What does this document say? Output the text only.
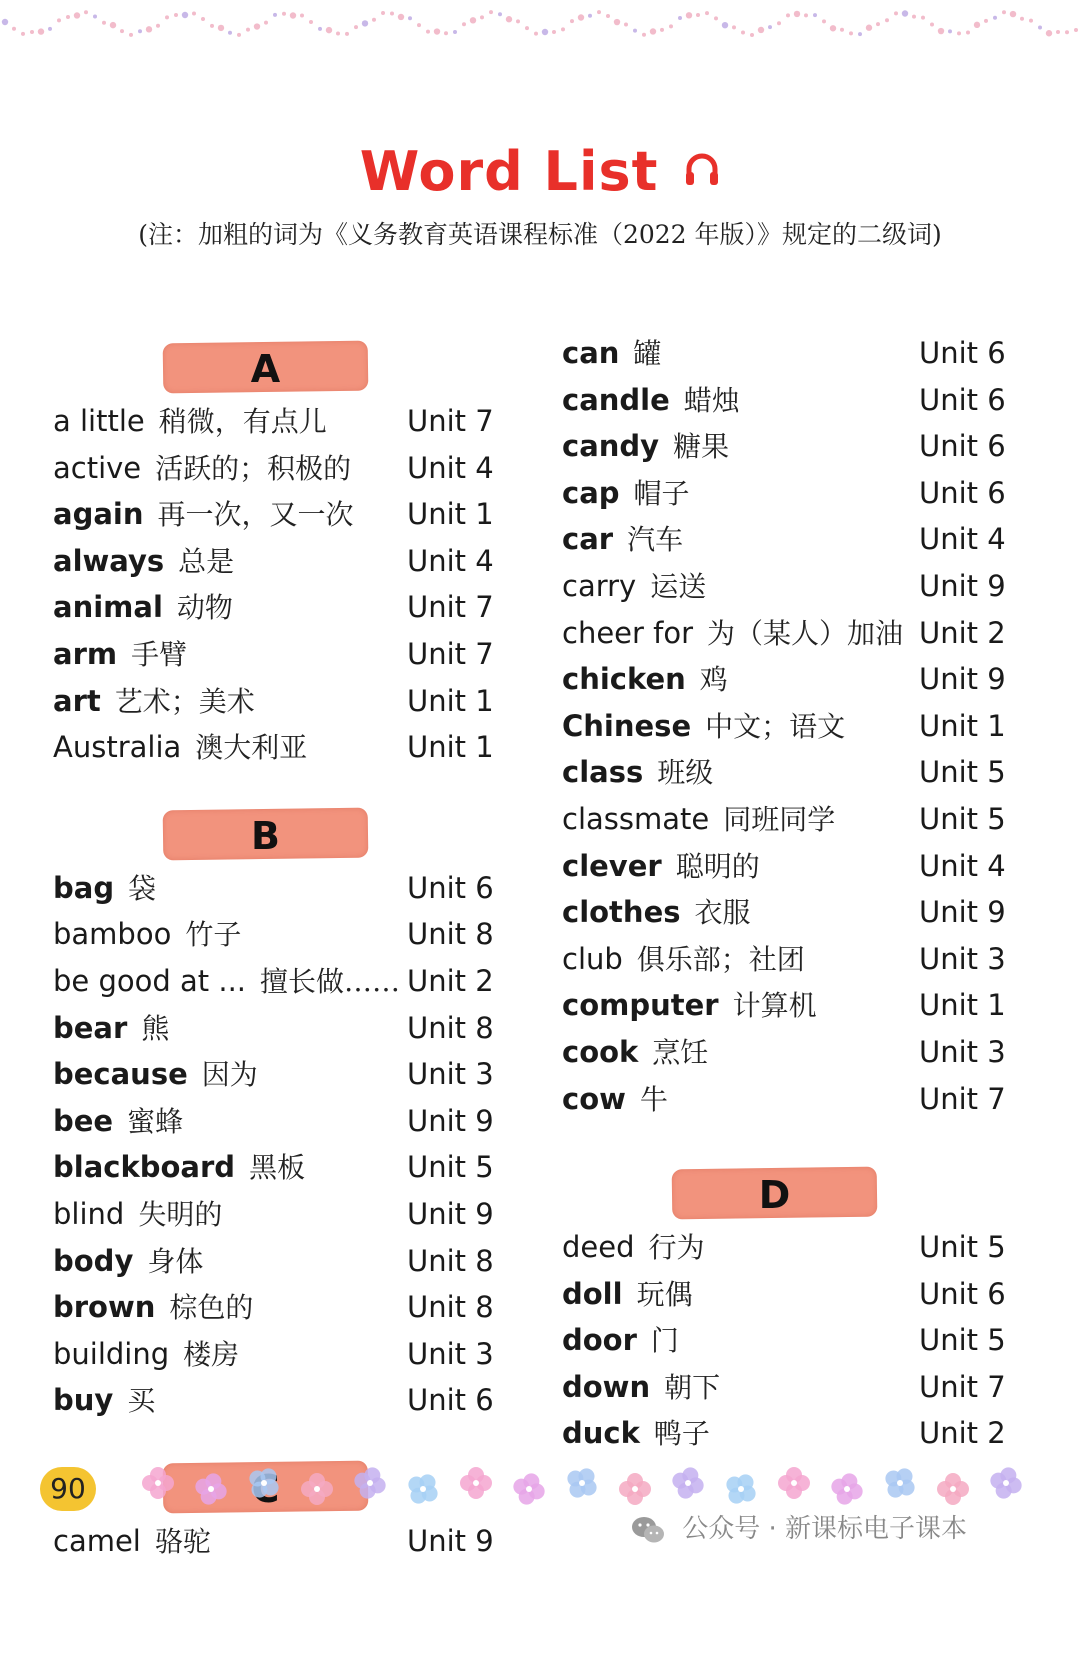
Word List
(注：加粗的词为《义务教育英语课程标准（2022 年版）》规定的二级词)
A
a little 稍微，有点儿	Unit 7
active 活跃的；积极的 Unit 4
again 再一次，又一次 Unit 1
always 总是	Unit 4
animal 动物	Unit 7
arm 手臂	Unit 7
art 艺术；美术	Unit 1
Australia 澳大利亚	Unit 1
B
bag 袋	Unit 6
bamboo 竹子	Unit 8
be good at ... 擅长做…… Unit 2
bear 熊	Unit 8
because 因为	Unit 3
bee 蜜蜂	Unit 9
blackboard 黑板	Unit 5
blind 失明的	Unit 9
body 身体	Unit 8
brown 棕色的	Unit 8
building 楼房	Unit 3
buy 买	Unit 6
camel 骆驼	Unit 9
can 罐	Unit 6
candle 蜡烛	Unit 6
candy 糖果	Unit 6
cap 帽子	Unit 6
car 汽车	Unit 4
carry 运送	Unit 9
cheer for 为（某人）加油 Unit 2
chicken 鸡	Unit 9
Chinese 中文；语文	Unit 1
class 班级	Unit 5
classmate 同班同学	Unit 5
clever 聪明的	Unit 4
clothes 衣服	Unit 9
club 俱乐部；社团	Unit 3
computer 计算机	Unit 1
cook 烹饪	Unit 3
cow 牛	Unit 7
D
deed 行为	Unit 5
doll 玩偶	Unit 6
door 门	Unit 5
down 朝下	Unit 7
duck 鸭子	Unit 2
90
公众号 · 新课标电子课本
